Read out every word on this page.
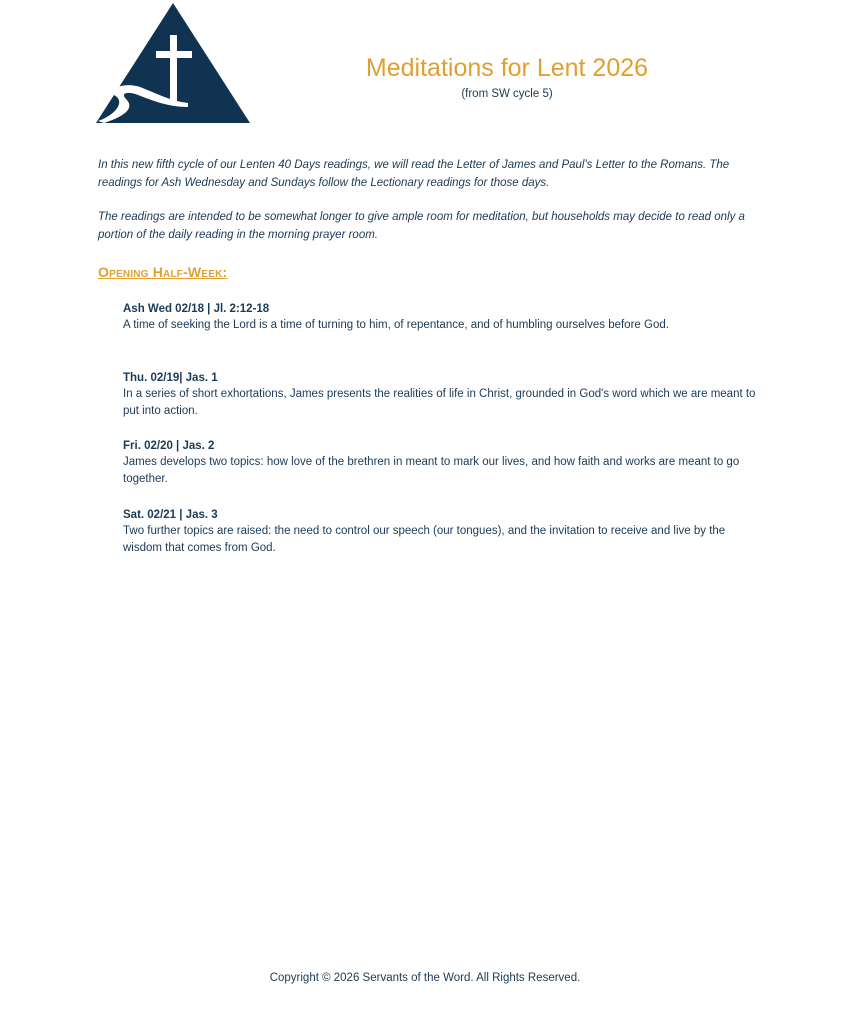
Meditations for Lent 2026
(from SW cycle 5)

In this new fifth cycle of our Lenten 40 Days readings, we will read the Letter of James and Paul's Letter to the Romans. The readings for Ash Wednesday and Sundays follow the Lectionary readings for those days.

The readings are intended to be somewhat longer to give ample room for meditation, but households may decide to read only a portion of the daily reading in the morning prayer room.

Opening Half-Week:
Ash Wed 02/18 | Jl. 2:12-18
A time of seeking the Lord is a time of turning to him, of repentance, and of humbling ourselves before God.
Thu. 02/19| Jas. 1
In a series of short exhortations, James presents the realities of life in Christ, grounded in God's word which we are meant to put into action.
Fri. 02/20 | Jas. 2
James develops two topics: how love of the brethren in meant to mark our lives, and how faith and works are meant to go together.
Sat. 02/21 | Jas. 3
Two further topics are raised: the need to control our speech (our tongues), and the invitation to receive and live by the wisdom that comes from God.
Copyright © 2026 Servants of the Word. All Rights Reserved.
